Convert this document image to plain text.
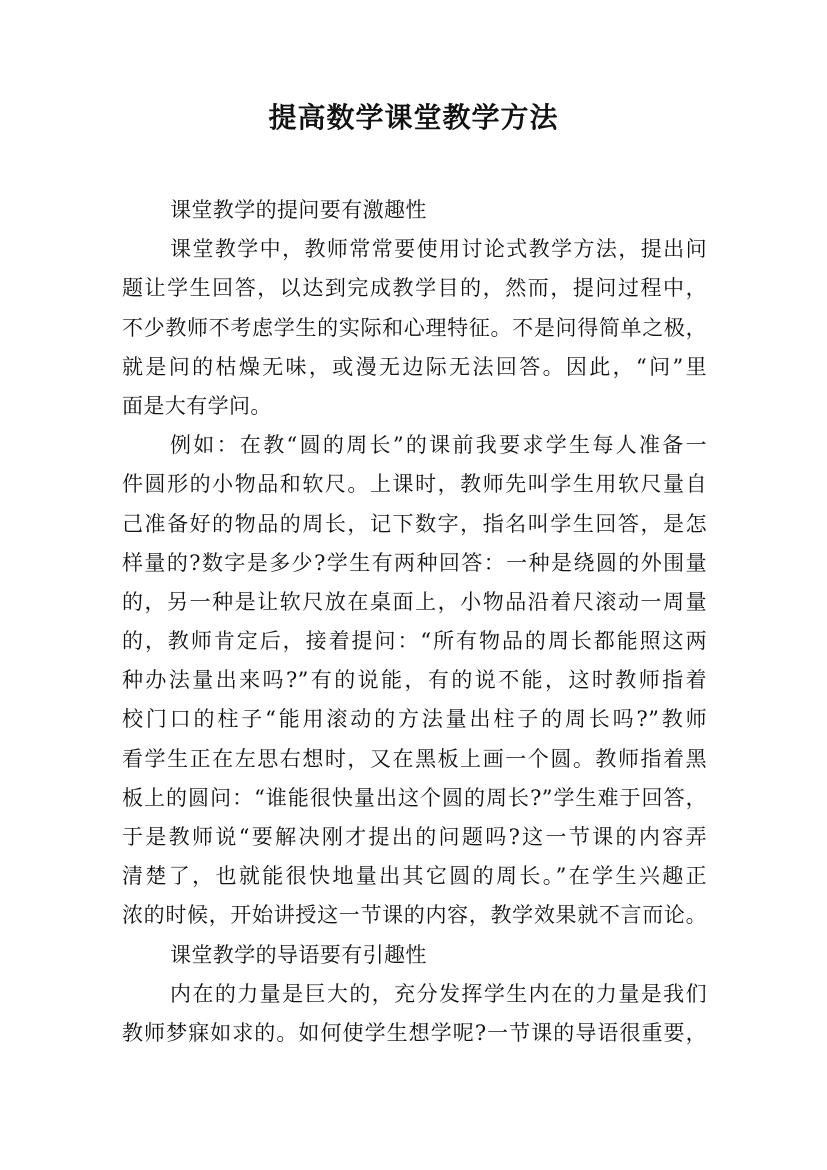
提高数学课堂教学方法
课堂教学的提问要有激趣性
课堂教学中，教师常常要使用讨论式教学方法，提出问
题让学生回答，以达到完成教学目的，然而，提问过程中，
不少教师不考虑学生的实际和心理特征。不是问得简单之极，
就是问的枯燥无味，或漫无边际无法回答。因此，“问”里
面是大有学问。
例如：在教“圆的周长”的课前我要求学生每人准备一
件圆形的小物品和软尺。上课时，教师先叫学生用软尺量自
己准备好的物品的周长，记下数字，指名叫学生回答，是怎
样量的?数字是多少?学生有两种回答：一种是绕圆的外围量
的，另一种是让软尺放在桌面上，小物品沿着尺滚动一周量
的，教师肯定后，接着提问：“所有物品的周长都能照这两
种办法量出来吗?”有的说能，有的说不能，这时教师指着
校门口的柱子“能用滚动的方法量出柱子的周长吗?”教师
看学生正在左思右想时，又在黑板上画一个圆。教师指着黑
板上的圆问：“谁能很快量出这个圆的周长?”学生难于回答，
于是教师说“要解决刚才提出的问题吗?这一节课的内容弄
清楚了，也就能很快地量出其它圆的周长。”在学生兴趣正
浓的时候，开始讲授这一节课的内容，教学效果就不言而论。
课堂教学的导语要有引趣性
内在的力量是巨大的，充分发挥学生内在的力量是我们
教师梦寐如求的。如何使学生想学呢?一节课的导语很重要，
